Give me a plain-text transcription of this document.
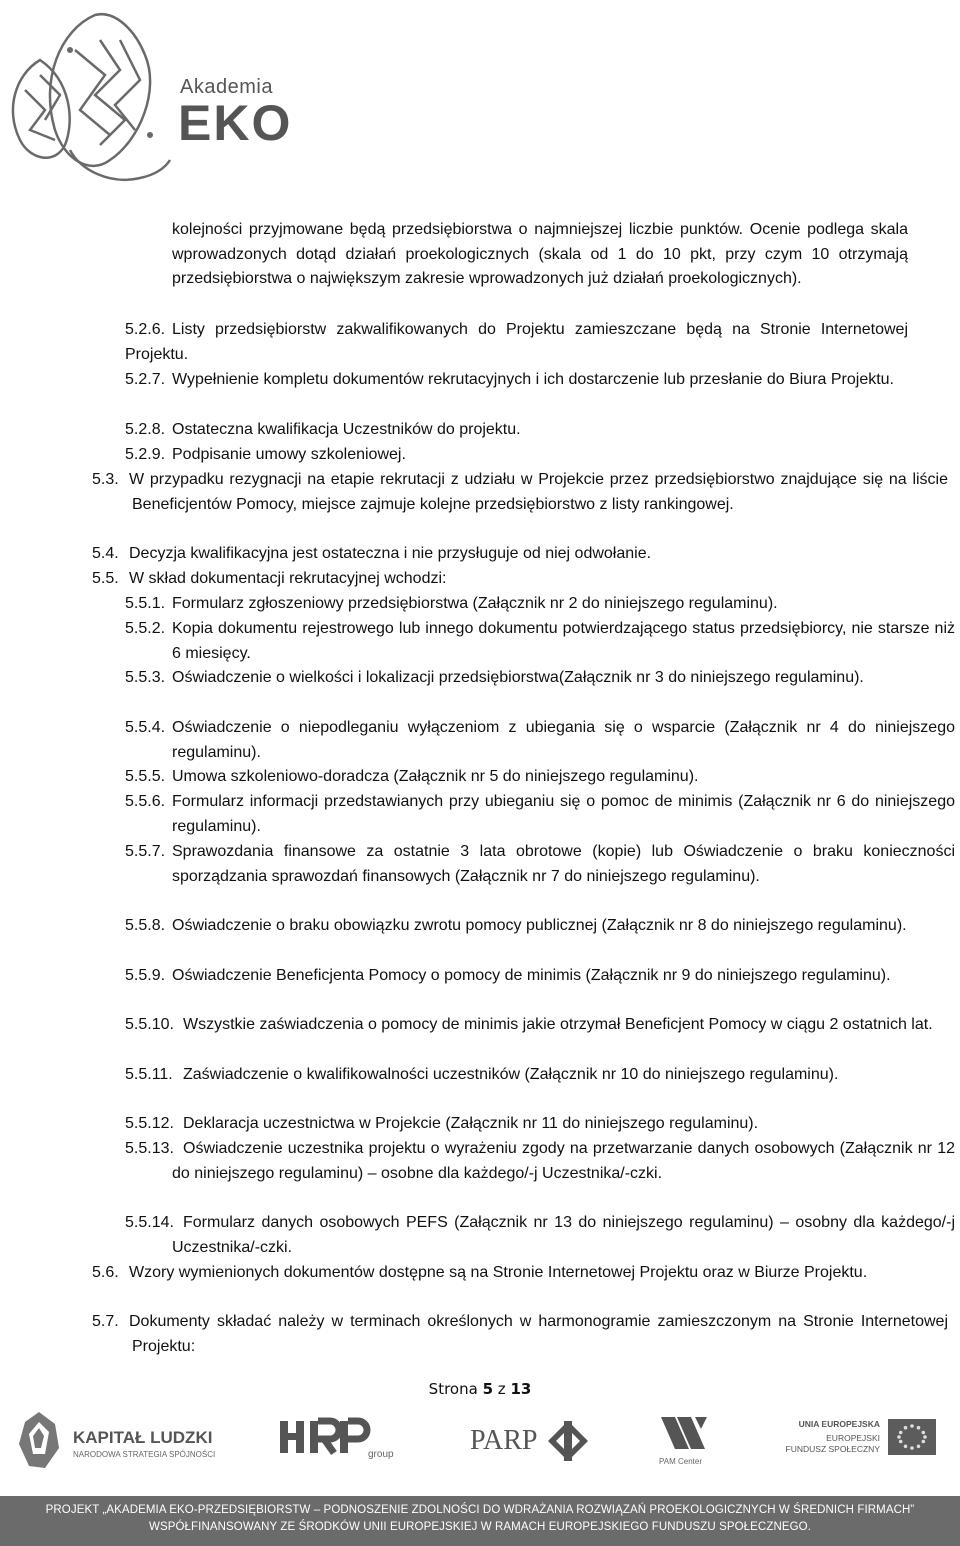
Akademia
EKO
kolejności przyjmowane będą przedsiębiorstwa o najmniejszej liczbie punktów. Ocenie podlega skala wprowadzonych dotąd działań proekologicznych (skala od 1 do 10 pkt, przy czym 10 otrzymają przedsiębiorstwa o największym zakresie wprowadzonych już działań proekologicznych).
5.2.6. Listy przedsiębiorstw zakwalifikowanych do Projektu zamieszczane będą na Stronie Internetowej Projektu.
5.2.7. Wypełnienie kompletu dokumentów rekrutacyjnych i ich dostarczenie lub przesłanie do Biura Projektu.
5.2.8. Ostateczna kwalifikacja Uczestników do projektu.
5.2.9. Podpisanie umowy szkoleniowej.
5.3. W przypadku rezygnacji na etapie rekrutacji z udziału w Projekcie przez przedsiębiorstwo znajdujące się na liście Beneficjentów Pomocy, miejsce zajmuje kolejne przedsiębiorstwo z listy rankingowej.
5.4. Decyzja kwalifikacyjna jest ostateczna i nie przysługuje od niej odwołanie.
5.5. W skład dokumentacji rekrutacyjnej wchodzi:
5.5.1. Formularz zgłoszeniowy przedsiębiorstwa (Załącznik nr 2 do niniejszego regulaminu).
5.5.2. Kopia dokumentu rejestrowego lub innego dokumentu potwierdzającego status przedsiębiorcy, nie starsze niż 6 miesięcy.
5.5.3. Oświadczenie o wielkości i lokalizacji przedsiębiorstwa(Załącznik nr 3 do niniejszego regulaminu).
5.5.4. Oświadczenie o niepodleganiu wyłączeniom z ubiegania się o wsparcie (Załącznik nr 4 do niniejszego regulaminu).
5.5.5. Umowa szkoleniowo-doradcza (Załącznik nr 5 do niniejszego regulaminu).
5.5.6. Formularz informacji przedstawianych przy ubieganiu się o pomoc de minimis (Załącznik nr 6 do niniejszego regulaminu).
5.5.7. Sprawozdania finansowe za ostatnie 3 lata obrotowe (kopie) lub Oświadczenie o braku konieczności sporządzania sprawozdań finansowych (Załącznik nr 7 do niniejszego regulaminu).
5.5.8. Oświadczenie o braku obowiązku zwrotu pomocy publicznej (Załącznik nr 8 do niniejszego regulaminu).
5.5.9. Oświadczenie Beneficjenta Pomocy o pomocy de minimis (Załącznik nr 9 do niniejszego regulaminu).
5.5.10. Wszystkie zaświadczenia o pomocy de minimis jakie otrzymał Beneficjent Pomocy w ciągu 2 ostatnich lat.
5.5.11. Zaświadczenie o kwalifikowalności uczestników (Załącznik nr 10 do niniejszego regulaminu).
5.5.12. Deklaracja uczestnictwa w Projekcie (Załącznik nr 11 do niniejszego regulaminu).
5.5.13. Oświadczenie uczestnika projektu o wyrażeniu zgody na przetwarzanie danych osobowych (Załącznik nr 12 do niniejszego regulaminu) – osobne dla każdego/-j Uczestnika/-czki.
5.5.14. Formularz danych osobowych PEFS (Załącznik nr 13 do niniejszego regulaminu) – osobny dla każdego/-j Uczestnika/-czki.
5.6. Wzory wymienionych dokumentów dostępne są na Stronie Internetowej Projektu oraz w Biurze Projektu.
5.7. Dokumenty składać należy w terminach określonych w harmonogramie zamieszczonym na Stronie Internetowej Projektu:
Strona 5 z 13
KAPITAŁ LUDZKI
NARODOWA STRATEGIA SPÓJNOŚCI	group	PARP
PAM Center
UNIA EUROPEJSKA
EUROPEJSKI
FUNDUSZ SPOŁECZNY
PROJEKT „AKADEMIA EKO-PRZEDSIĘBIORSTW – PODNOSZENIE ZDOLNOŚCI DO WDRAŻANIA ROZWIĄZAŃ PROEKOLOGICZNYCH W ŚREDNICH FIRMACH”
WSPÓŁFINANSOWANY ZE ŚRODKÓW UNII EUROPEJSKIEJ W RAMACH EUROPEJSKIEGO FUNDUSZU SPOŁECZNEGO.
